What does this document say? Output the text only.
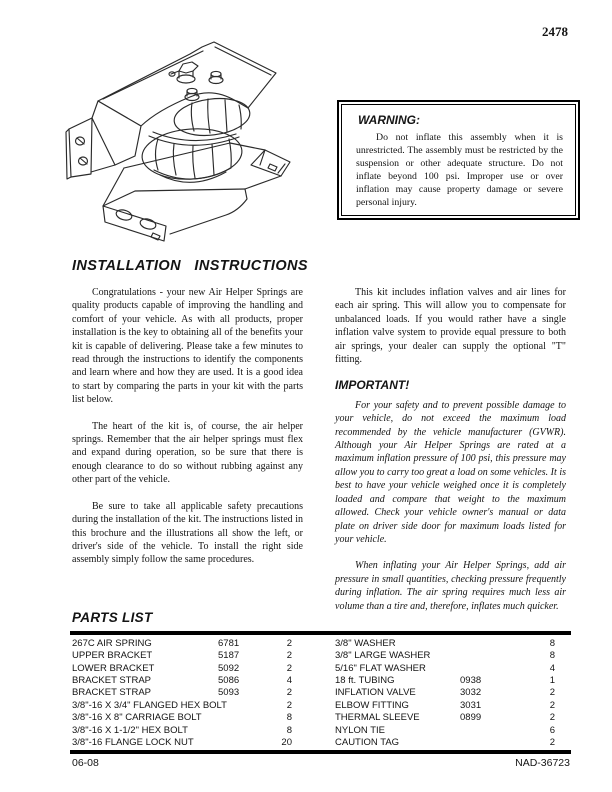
2478
WARNING:
Do not inflate this assembly when it is unrestricted. The assembly must be restricted by the suspension or other adequate structure. Do not inflate beyond 100 psi. Improper use or over inflation may cause property damage or severe personal injury.
INSTALLATION INSTRUCTIONS

Congratulations - your new Air Helper Springs are quality products capable of improving the handling and comfort of your vehicle. As with all products, proper installation is the key to obtaining all of the benefits your kit is capable of delivering. Please take a few minutes to read through the instructions to identify the components and learn where and how they are used. It is a good idea to start by comparing the parts in your kit with the parts list below.

The heart of the kit is, of course, the air helper springs. Remember that the air helper springs must flex and expand during operation, so be sure that there is enough clearance to do so without rubbing against any other part of the vehicle.

Be sure to take all applicable safety precautions during the installation of the kit. The instructions listed in this brochure and the illustrations all show the left, or driver's side of the vehicle. To install the right side assembly simply follow the same procedures.

This kit includes inflation valves and air lines for each air spring. This will allow you to compensate for unbalanced loads. If you would rather have a single inflation valve system to provide equal pressure to both air springs, your dealer can supply the optional "T" fitting.

IMPORTANT!

For your safety and to prevent possible damage to your vehicle, do not exceed the maximum load recommended by the vehicle manufacturer (GVWR). Although your Air Helper Springs are rated at a maximum inflation pressure of 100 psi, this pressure may allow you to carry too great a load on some vehicles. It is best to have your vehicle weighed once it is completely loaded and compare that weight to the maximum allowed. Check your vehicle owner's manual or data plate on driver side door for maximum loads listed for your vehicle.

When inflating your Air Helper Springs, add air pressure in small quantities, checking pressure frequently during inflation. The air spring requires much less air volume than a tire and, therefore, inflates much quicker.

PARTS LIST
267C AIR SPRING	6781	2
UPPER BRACKET	5187	2
LOWER BRACKET	5092	2
BRACKET STRAP	5086	4
BRACKET STRAP	5093	2
3/8"-16 X 3/4" FLANGED HEX BOLT	2
3/8"-16 X 8" CARRIAGE BOLT	8
3/8"-16 X 1-1/2" HEX BOLT	8
3/8"-16 FLANGE LOCK NUT	20
3/8" WASHER	8
3/8" LARGE WASHER	8
5/16" FLAT WASHER	4
18 ft. TUBING	0938	1
INFLATION VALVE	3032	2
ELBOW FITTING	3031	2
THERMAL SLEEVE	0899	2
NYLON TIE	6
CAUTION TAG	2
06-08	NAD-36723
